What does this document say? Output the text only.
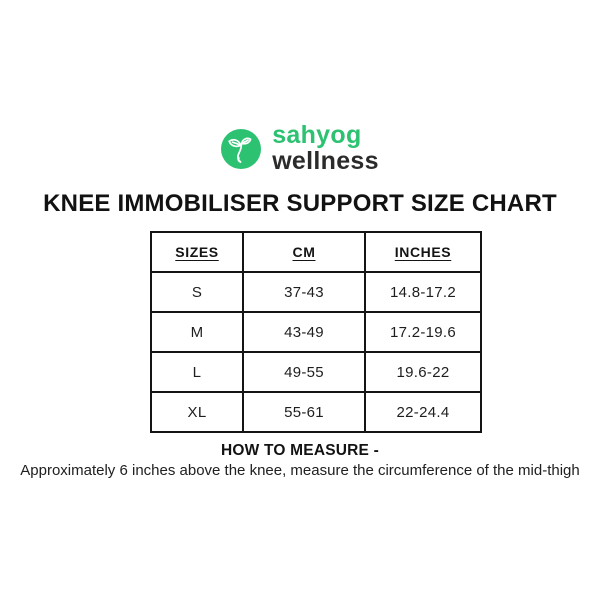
sahyog
wellness
KNEE IMMOBILISER SUPPORT SIZE CHART
SIZES	CM	INCHES
S	37-43	14.8-17.2
M	43-49	17.2-19.6
L	49-55	19.6-22
XL	55-61	22-24.4
HOW TO MEASURE -
Approximately 6 inches above the knee, measure the circumference of the mid-thigh
